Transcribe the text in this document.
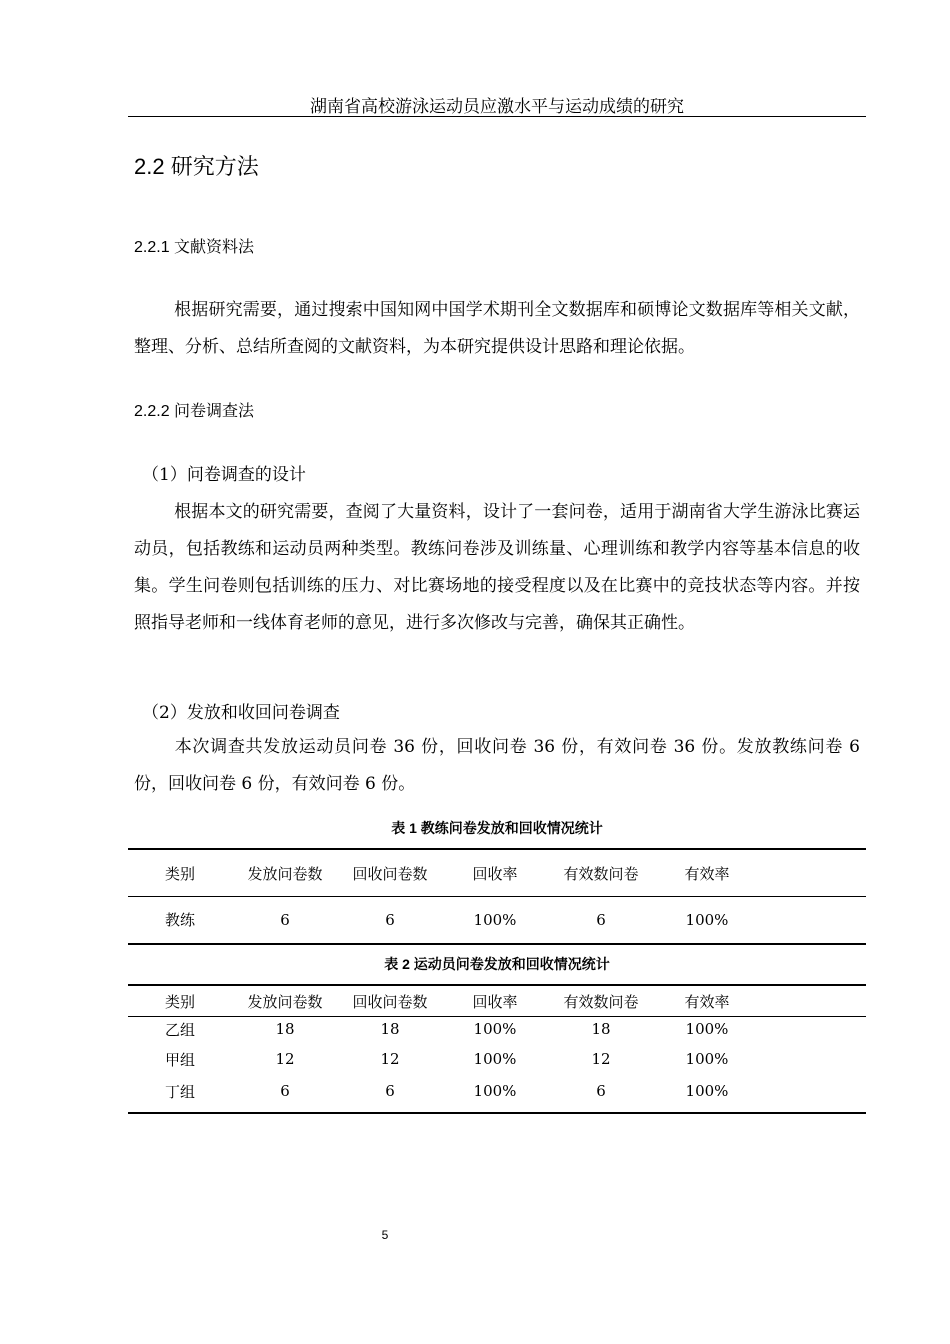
湖南省高校游泳运动员应激水平与运动成绩的研究
2.2 研究方法
2.2.1 文献资料法
根据研究需要，通过搜索中国知网中国学术期刊全文数据库和硕博论文数据库等相关文献，整理、分析、总结所查阅的文献资料，为本研究提供设计思路和理论依据。
2.2.2 问卷调查法
（1）问卷调查的设计
根据本文的研究需要，查阅了大量资料，设计了一套问卷，适用于湖南省大学生游泳比赛运动员，包括教练和运动员两种类型。教练问卷涉及训练量、心理训练和教学内容等基本信息的收集。学生问卷则包括训练的压力、对比赛场地的接受程度以及在比赛中的竞技状态等内容。并按照指导老师和一线体育老师的意见，进行多次修改与完善，确保其正确性。
（2）发放和收回问卷调查
本次调查共发放运动员问卷 36 份，回收问卷 36 份，有效问卷 36 份。发放教练问卷 6 份，回收问卷 6 份，有效问卷 6 份。
表 1 教练问卷发放和回收情况统计
类别	发放问卷数	回收问卷数	回收率	有效数问卷	有效率	
教练	6	6	100%	6	100%	
表 2 运动员问卷发放和回收情况统计
类别	发放问卷数	回收问卷数	回收率	有效数问卷	有效率	
乙组	18	18	100%	18	100%	
甲组	12	12	100%	12	100%	
丁组	6	6	100%	6	100%	
5
